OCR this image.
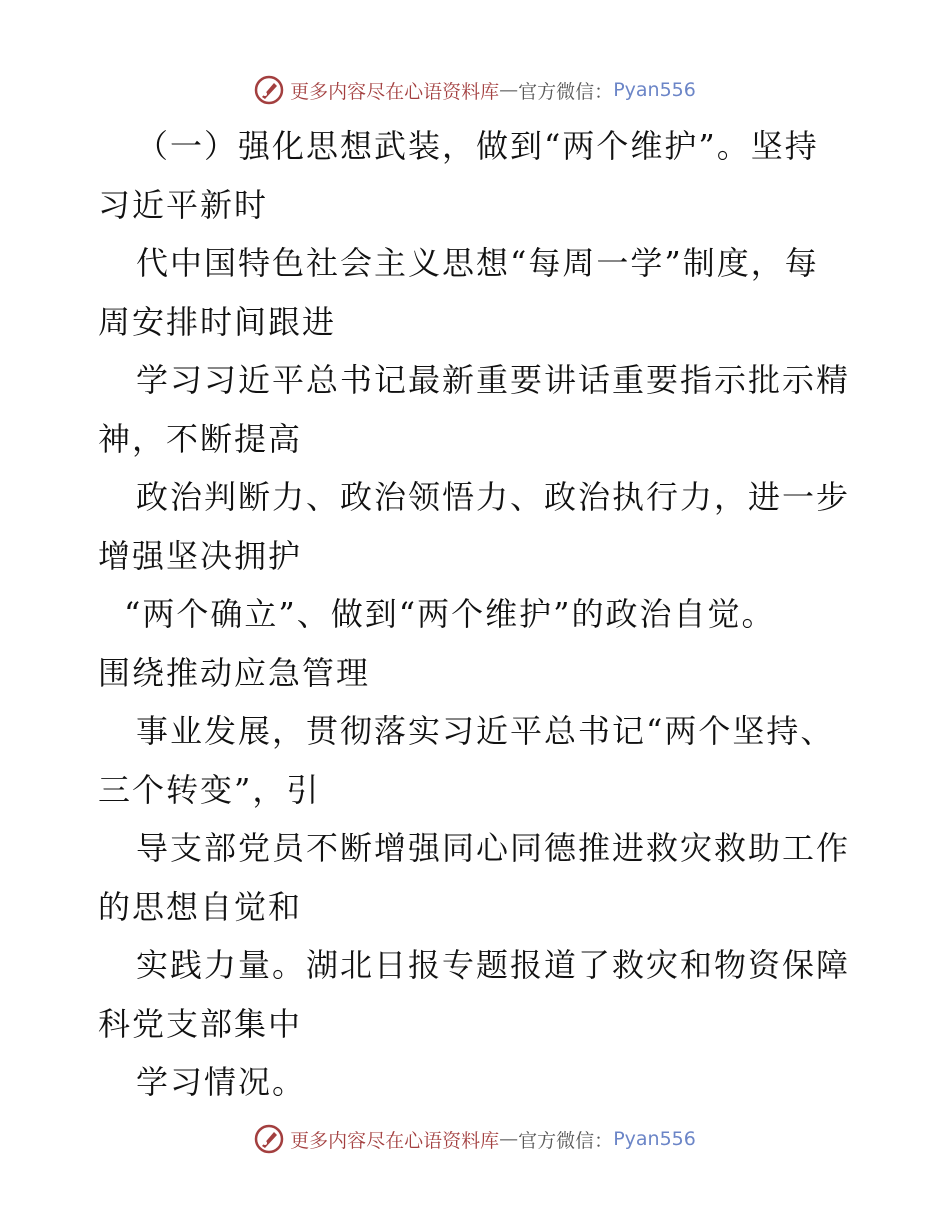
更多内容尽在心语资料库 — 官方微信： Pyan556

（一）强化思想武装，做到“两个维护”。坚持

习近平新时

代中国特色社会主义思想“每周一学”制度，每

周安排时间跟进

学习习近平总书记最新重要讲话重要指示批示精

神，不断提高

政治判断力、政治领悟力、政治执行力，进一步

增强坚决拥护

“两个确立”、做到“两个维护”的政治自觉。

围绕推动应急管理

事业发展，贯彻落实习近平总书记“两个坚持、

三个转变”，引

导支部党员不断增强同心同德推进救灾救助工作

的思想自觉和

实践力量。湖北日报专题报道了救灾和物资保障

科党支部集中

学习情况。

更多内容尽在心语资料库 — 官方微信： Pyan556
